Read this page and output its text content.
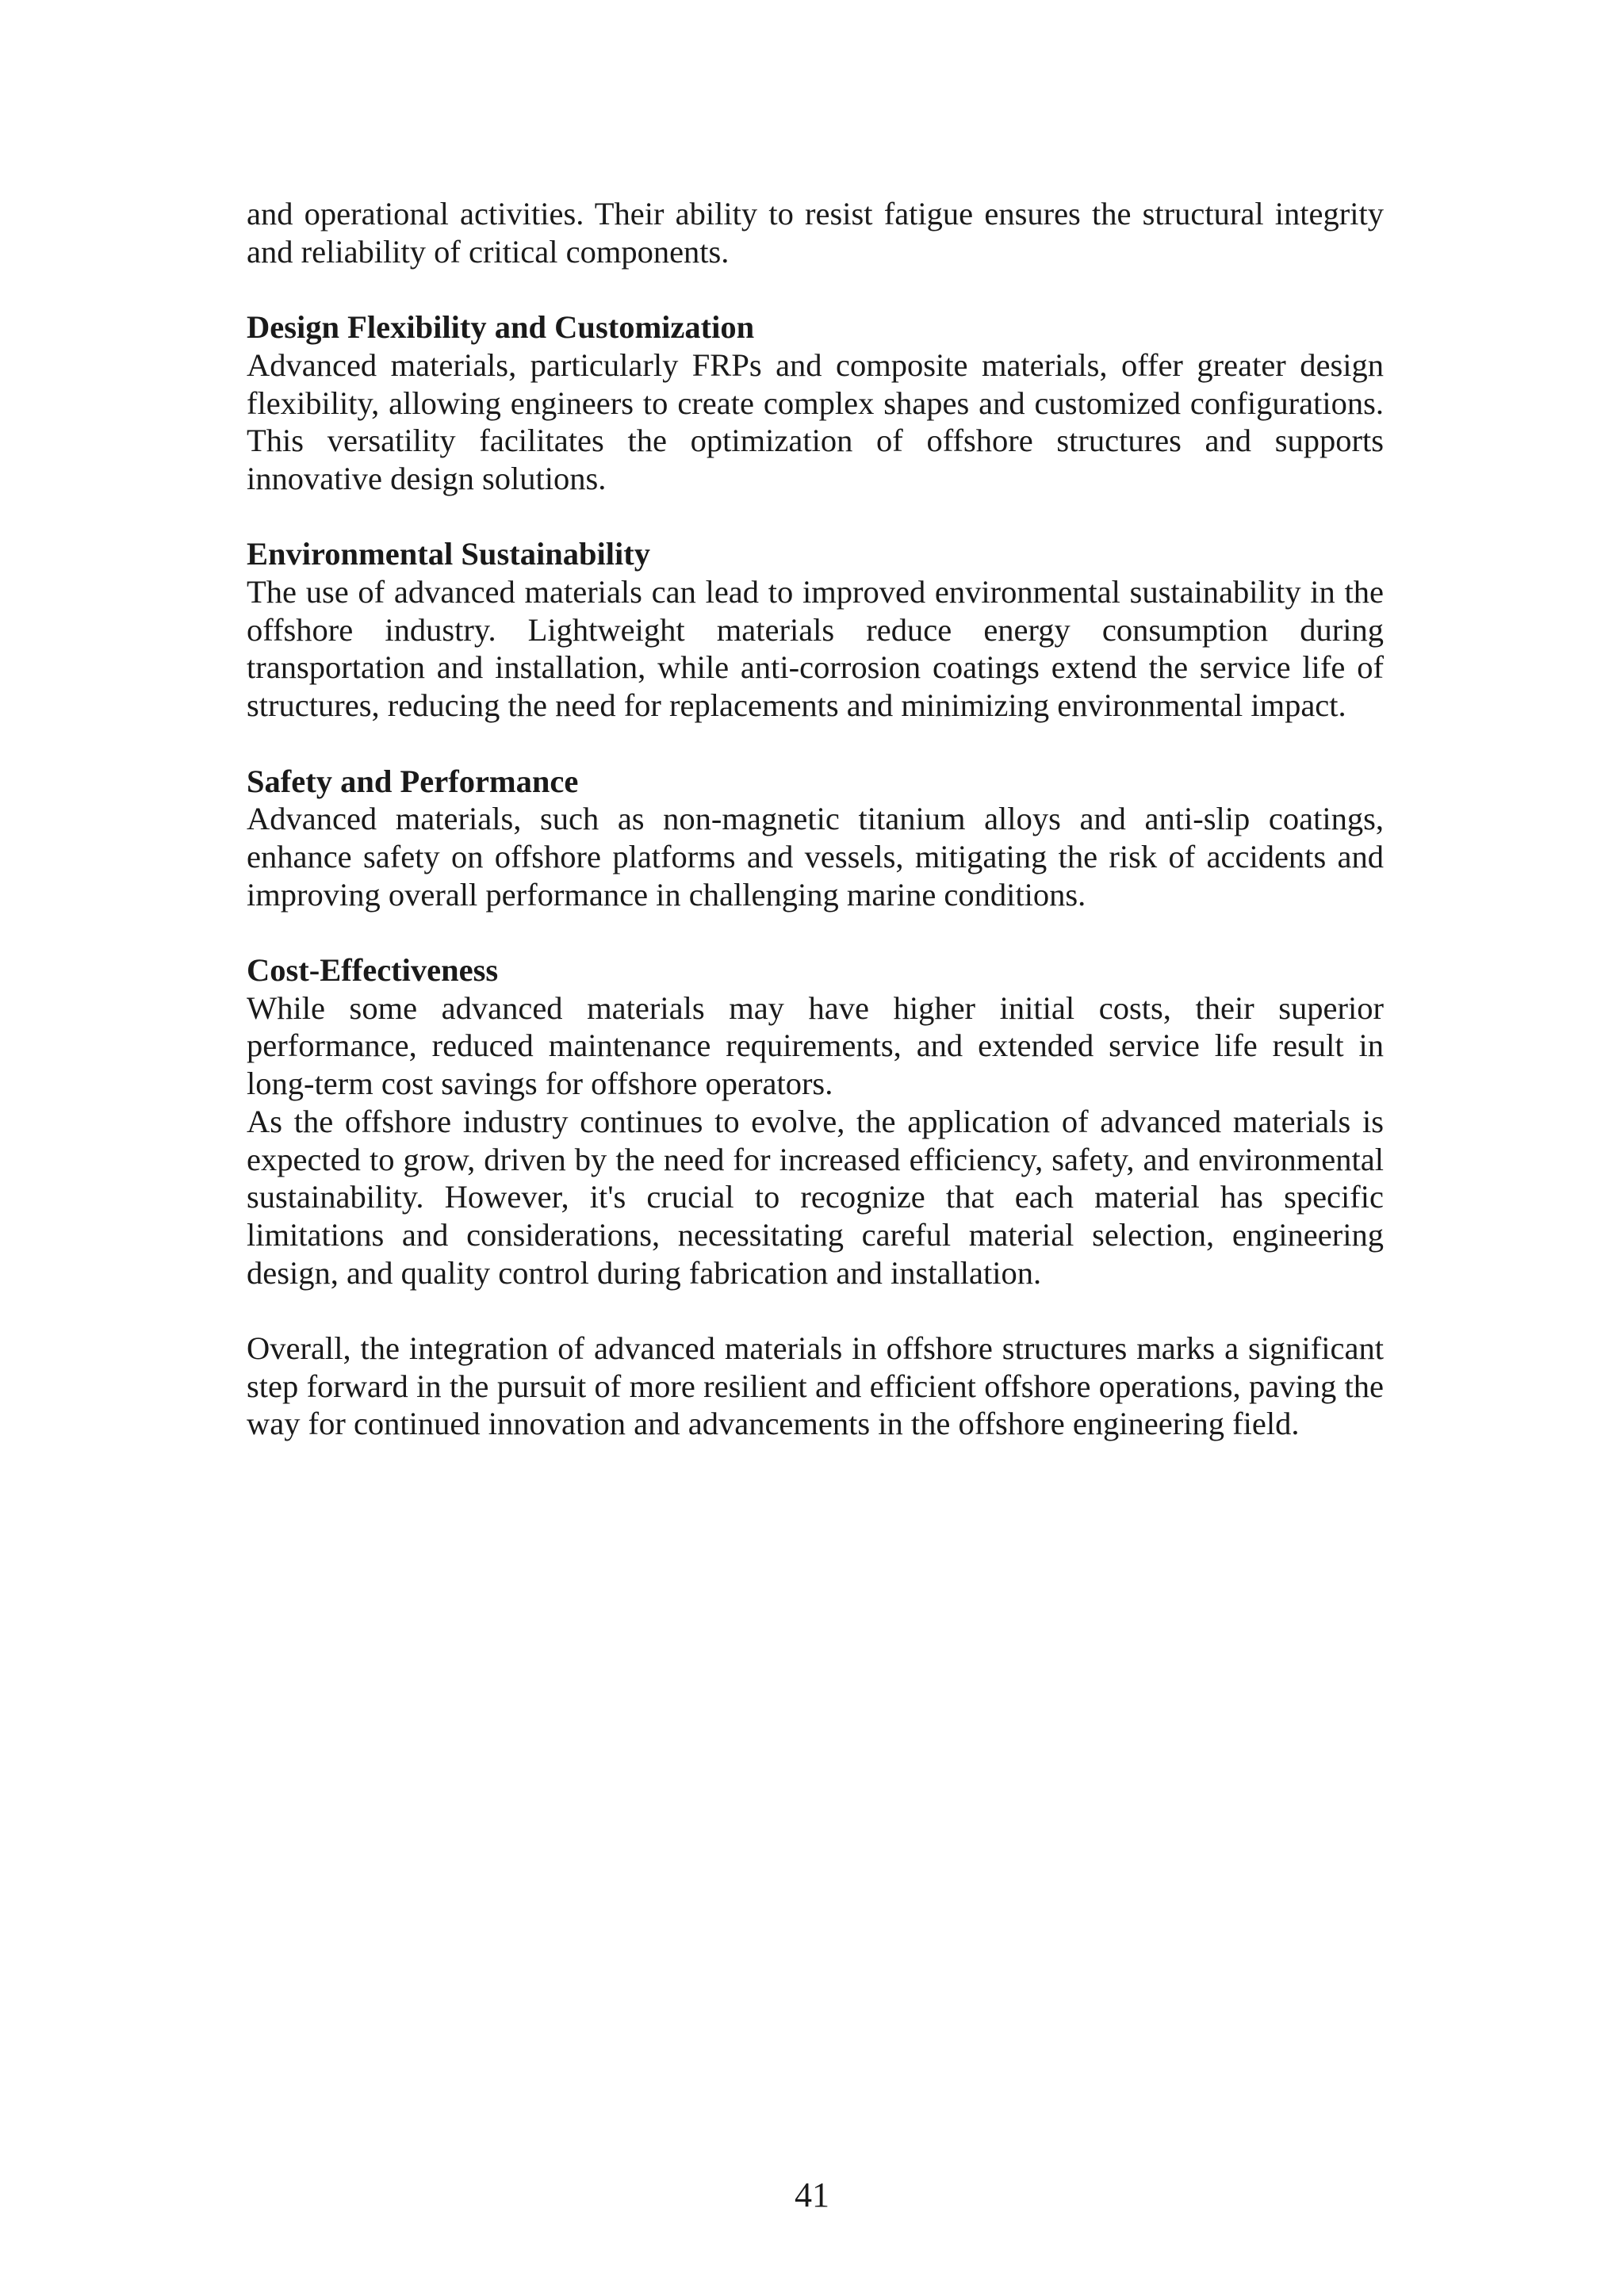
and operational activities. Their ability to resist fatigue ensures the structural integrity and reliability of critical components.

Design Flexibility and Customization

Advanced materials, particularly FRPs and composite materials, offer greater design flexibility, allowing engineers to create complex shapes and customized configurations. This versatility facilitates the optimization of offshore structures and supports innovative design solutions.

Environmental Sustainability

The use of advanced materials can lead to improved environmental sustainability in the offshore industry. Lightweight materials reduce energy consumption during transportation and installation, while anti-corrosion coatings extend the service life of structures, reducing the need for replacements and minimizing environmental impact.

Safety and Performance

Advanced materials, such as non-magnetic titanium alloys and anti-slip coatings, enhance safety on offshore platforms and vessels, mitigating the risk of accidents and improving overall performance in challenging marine conditions.

Cost-Effectiveness

While some advanced materials may have higher initial costs, their superior performance, reduced maintenance requirements, and extended service life result in long-term cost savings for offshore operators.

As the offshore industry continues to evolve, the application of advanced materials is expected to grow, driven by the need for increased efficiency, safety, and environmental sustainability. However, it's crucial to recognize that each material has specific limitations and considerations, necessitating careful material selection, engineering design, and quality control during fabrication and installation.

Overall, the integration of advanced materials in offshore structures marks a significant step forward in the pursuit of more resilient and efficient offshore operations, paving the way for continued innovation and advancements in the offshore engineering field.

41
